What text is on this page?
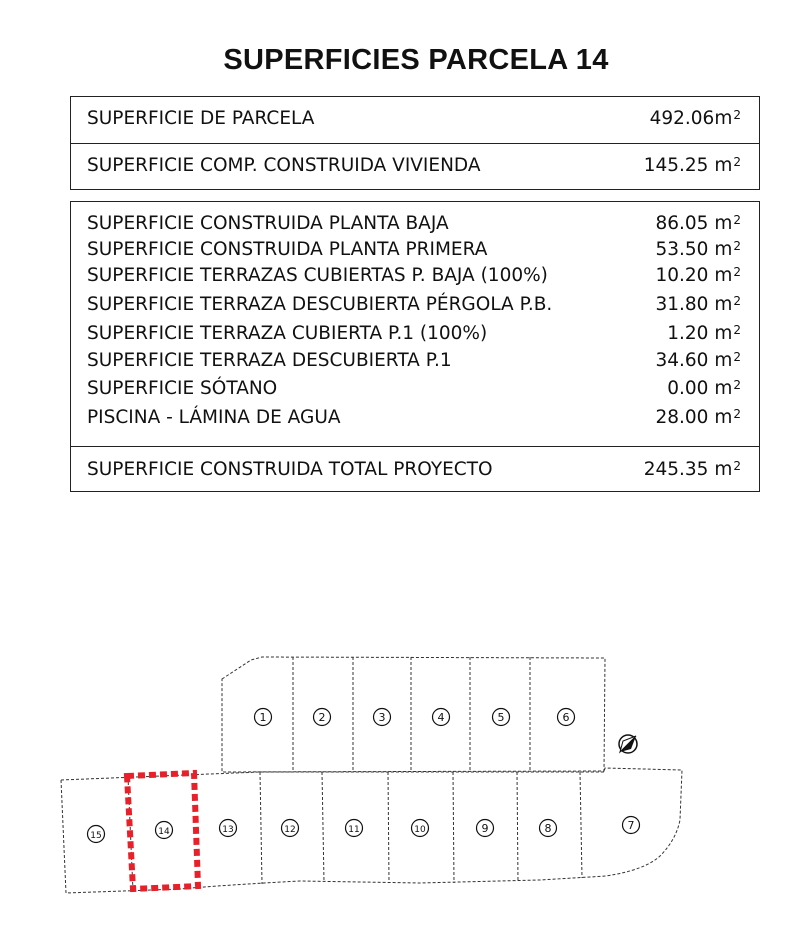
SUPERFICIES PARCELA 14
SUPERFICIE DE PARCELA	$492.06m^2$
SUPERFICIE COMP. CONSTRUIDA VIVIENDA	145.25 $m^2$
SUPERFICIE CONSTRUIDA PLANTA BAJA	86.05 $m^2$
SUPERFICIE CONSTRUIDA PLANTA PRIMERA	53.50 $m^2$
SUPERFICIE TERRAZAS CUBIERTAS P. BAJA (100%)	10.20 $m^2$
SUPERFICIE TERRAZA DESCUBIERTA PÉRGOLA P.B.	31.80 $m^2$
SUPERFICIE TERRAZA CUBIERTA P.1 (100%)	1.20 $m^2$
SUPERFICIE TERRAZA DESCUBIERTA P.1	34.60 $m^2$
SUPERFICIE SÓTANO	0.00 $m^2$
PISCINA - LÁMINA DE AGUA	28.00 $m^2$
SUPERFICIE CONSTRUIDA TOTAL PROYECTO	245.35 $m^2$
1	2	3	4	5	6
15	14	13	12	11	10	9	8	7
